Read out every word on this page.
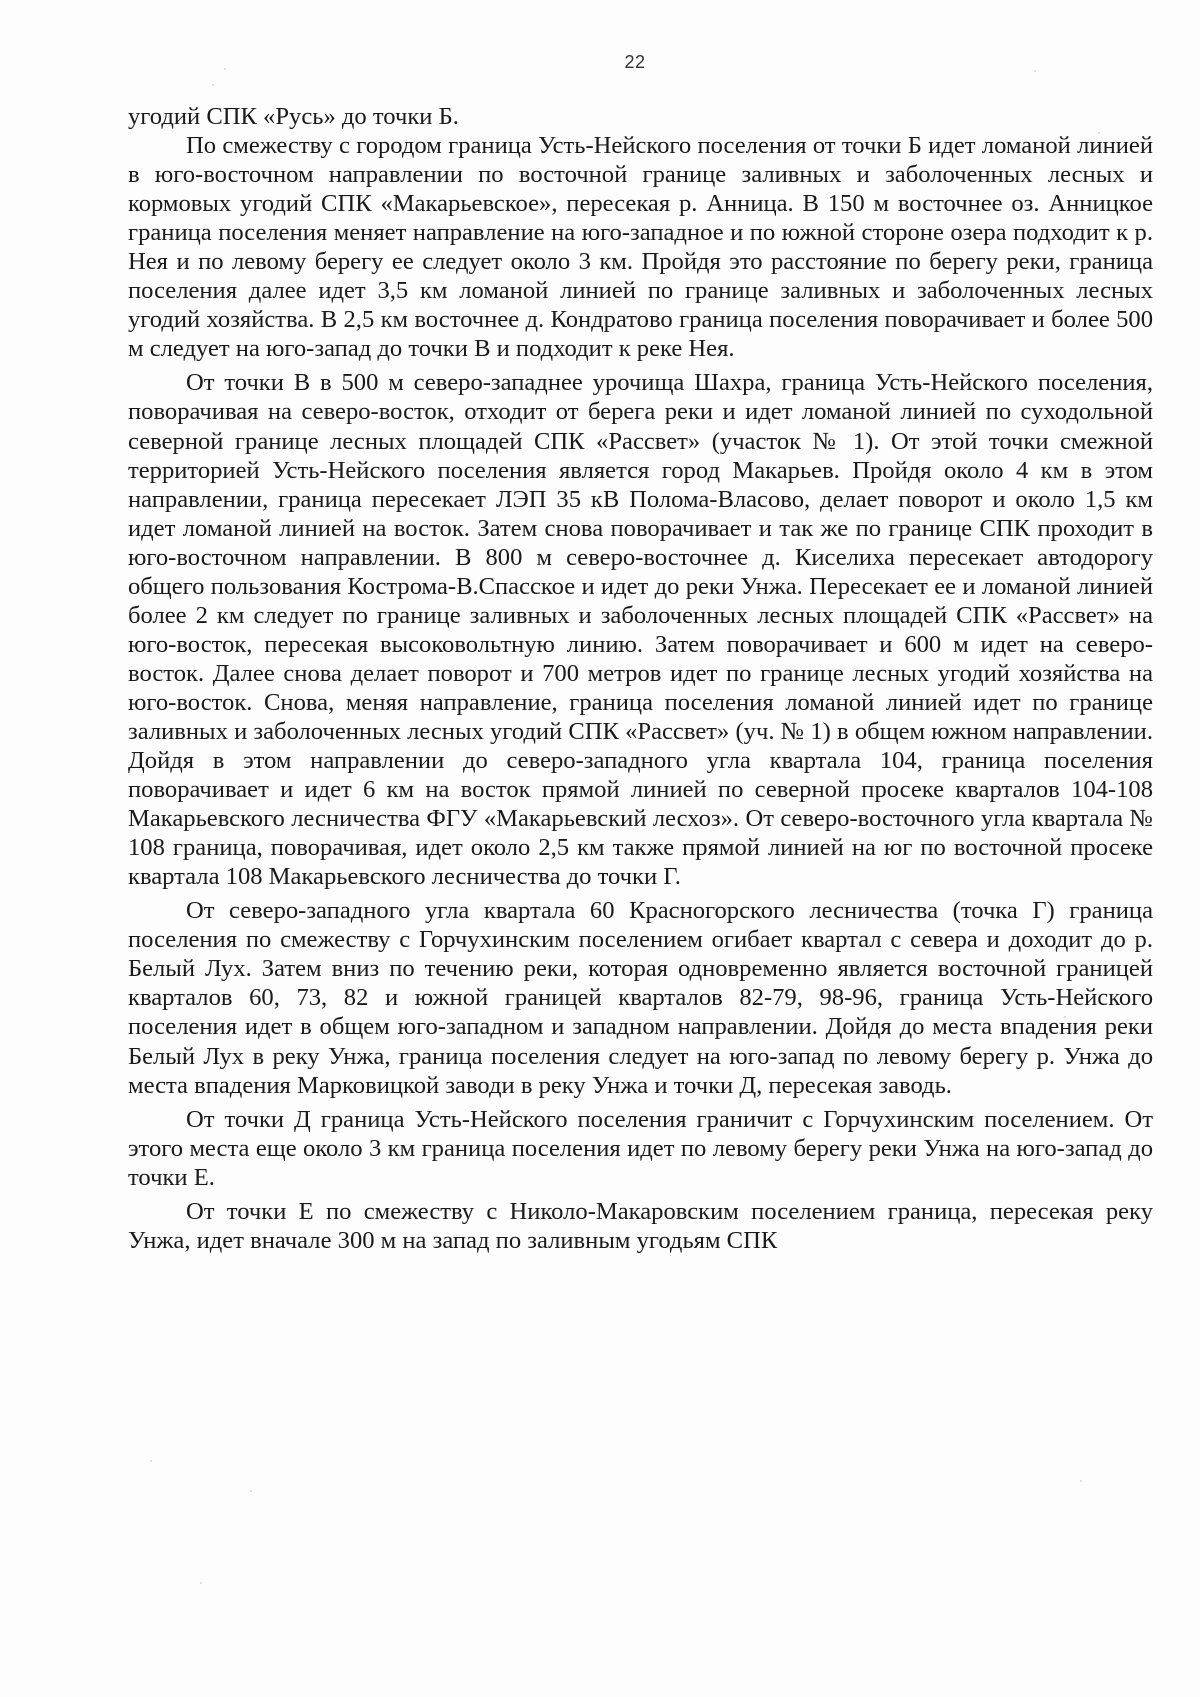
22

угодий СПК «Русь» до точки Б.

По смежеству с городом граница Усть-Нейского поселения от точки Б идет ломаной линией в юго-восточном направлении по восточной границе заливных и заболоченных лесных и кормовых угодий СПК «Макарьевское», пересекая р. Анница. В 150 м восточнее оз. Анницкое граница поселения меняет направление на юго-западное и по южной стороне озера подходит к р. Нея и по левому берегу ее следует около 3 км. Пройдя это расстояние по берегу реки, граница поселения далее идет 3,5 км ломаной линией по границе заливных и заболоченных лесных угодий хозяйства. В 2,5 км восточнее д. Кондратово граница поселения поворачивает и более 500 м следует на юго-запад до точки В и подходит к реке Нея.

От точки В в 500 м северо-западнее урочища Шахра, граница Усть-Нейского поселения, поворачивая на северо-восток, отходит от берега реки и идет ломаной линией по суходольной северной границе лесных площадей СПК «Рассвет» (участок № 1). От этой точки смежной территорией Усть-Нейского поселения является город Макарьев. Пройдя около 4 км в этом направлении, граница пересекает ЛЭП 35 кВ Полома-Власово, делает поворот и около 1,5 км идет ломаной линией на восток. Затем снова поворачивает и так же по границе СПК проходит в юго-восточном направлении. В 800 м северо-восточнее д. Киселиха пересекает автодорогу общего пользования Кострома-В.Спасское и идет до реки Унжа. Пересекает ее и ломаной линией более 2 км следует по границе заливных и заболоченных лесных площадей СПК «Рассвет» на юго-восток, пересекая высоковольтную линию. Затем поворачивает и 600 м идет на северо-восток. Далее снова делает поворот и 700 метров идет по границе лесных угодий хозяйства на юго-восток. Снова, меняя направление, граница поселения ломаной линией идет по границе заливных и заболоченных лесных угодий СПК «Рассвет» (уч. № 1) в общем южном направлении. Дойдя в этом направлении до северо-западного угла квартала 104, граница поселения поворачивает и идет 6 км на восток прямой линией по северной просеке кварталов 104-108 Макарьевского лесничества ФГУ «Макарьевский лесхоз». От северо-восточного угла квартала № 108 граница, поворачивая, идет около 2,5 км также прямой линией на юг по восточной просеке квартала 108 Макарьевского лесничества до точки Г.

От северо-западного угла квартала 60 Красногорского лесничества (точка Г) граница поселения по смежеству с Горчухинским поселением огибает квартал с севера и доходит до р. Белый Лух. Затем вниз по течению реки, которая одновременно является восточной границей кварталов 60, 73, 82 и южной границей кварталов 82-79, 98-96, граница Усть-Нейского поселения идет в общем юго-западном и западном направлении. Дойдя до места впадения реки Белый Лух в реку Унжа, граница поселения следует на юго-запад по левому берегу р. Унжа до места впадения Марковицкой заводи в реку Унжа и точки Д, пересекая заводь.

От точки Д граница Усть-Нейского поселения граничит с Горчухинским поселением. От этого места еще около 3 км граница поселения идет по левому берегу реки Унжа на юго-запад до точки Е.

От точки Е по смежеству с Николо-Макаровским поселением граница, пересекая реку Унжа, идет вначале 300 м на запад по заливным угодьям СПК
